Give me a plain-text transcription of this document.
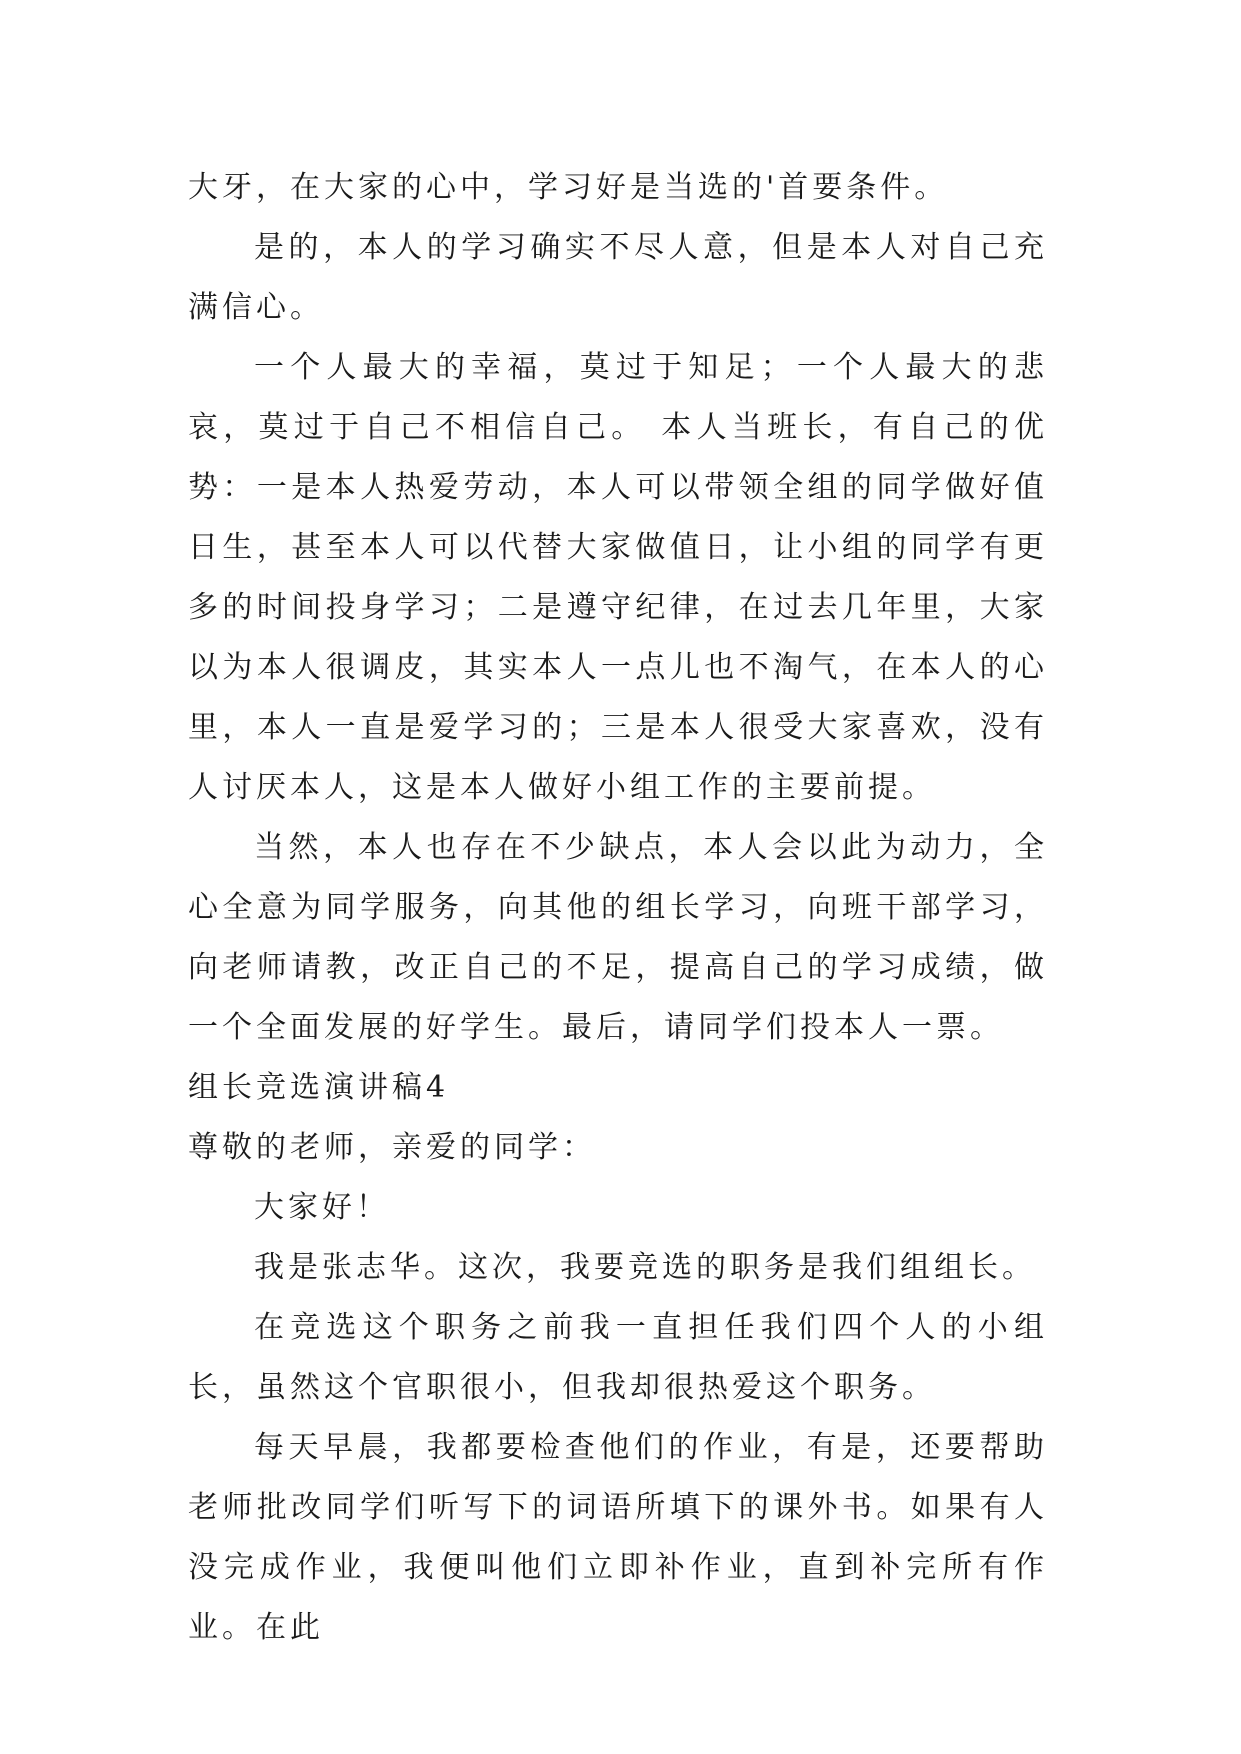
大牙，在大家的心中，学习好是当选的'首要条件。

是的，本人的学习确实不尽人意，但是本人对自己充满信心。

一个人最大的幸福，莫过于知足；一个人最大的悲哀，莫过于自己不相信自己。 本人当班长，有自己的优势：一是本人热爱劳动，本人可以带领全组的同学做好值日生，甚至本人可以代替大家做值日，让小组的同学有更多的时间投身学习；二是遵守纪律，在过去几年里，大家以为本人很调皮，其实本人一点儿也不淘气，在本人的心里，本人一直是爱学习的；三是本人很受大家喜欢，没有人讨厌本人，这是本人做好小组工作的主要前提。

当然，本人也存在不少缺点，本人会以此为动力，全心全意为同学服务，向其他的组长学习，向班干部学习，向老师请教，改正自己的不足，提高自己的学习成绩，做一个全面发展的好学生。最后，请同学们投本人一票。

组长竞选演讲稿4

尊敬的老师，亲爱的同学：

大家好！

我是张志华。这次，我要竞选的职务是我们组组长。

在竞选这个职务之前我一直担任我们四个人的小组长，虽然这个官职很小，但我却很热爱这个职务。

每天早晨，我都要检查他们的作业，有是，还要帮助老师批改同学们听写下的词语所填下的课外书。如果有人没完成作业，我便叫他们立即补作业，直到补完所有作业。在此
